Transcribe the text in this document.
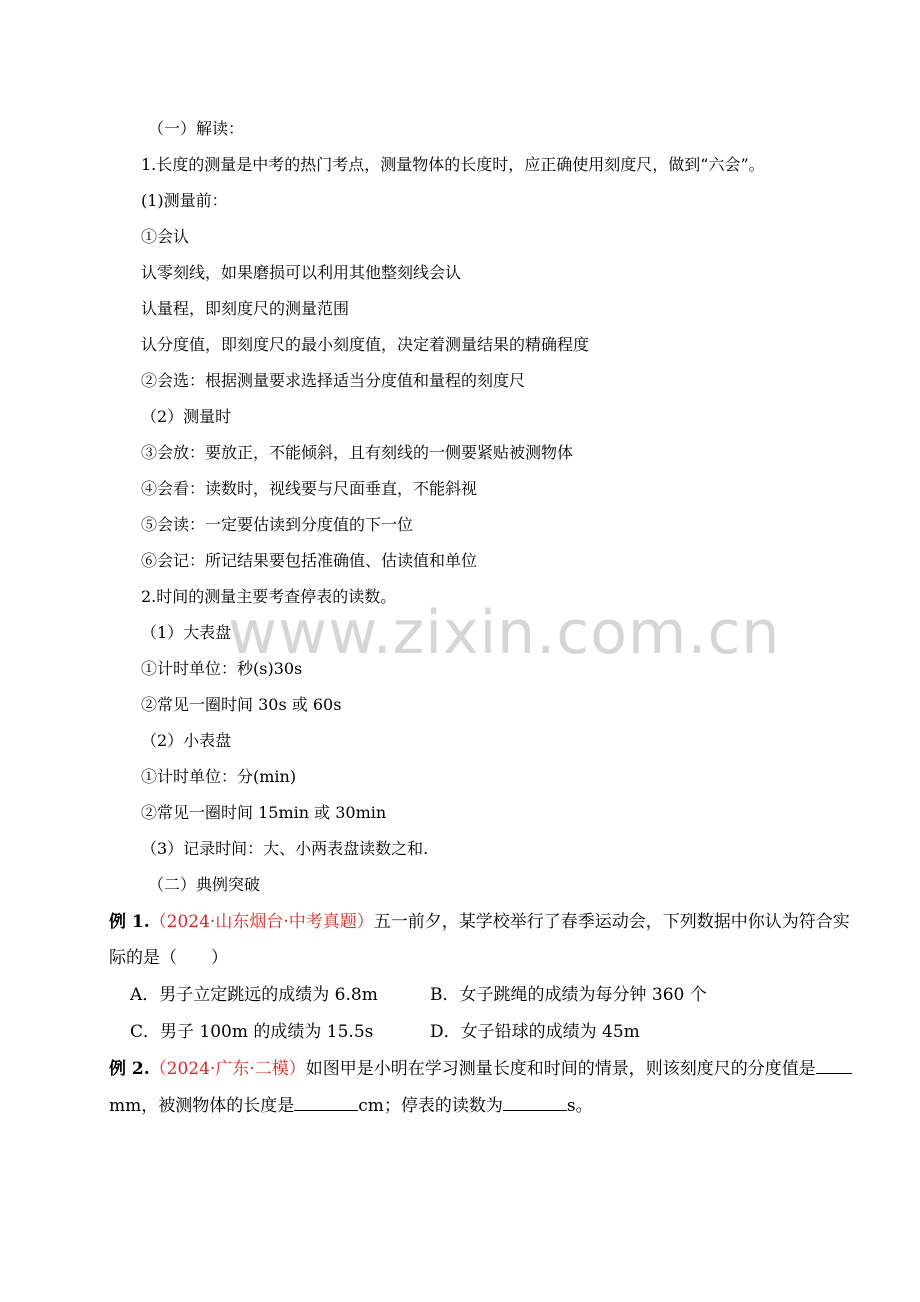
www.zixin.com.cn
（一）解读：
1.长度的测量是中考的热门考点，测量物体的长度时，应正确使用刻度尺，做到“六会”。
(1)测量前：
①会认
认零刻线，如果磨损可以利用其他整刻线会认
认量程，即刻度尺的测量范围
认分度值，即刻度尺的最小刻度值，决定着测量结果的精确程度
②会选：根据测量要求选择适当分度值和量程的刻度尺
（2）测量时
③会放：要放正，不能倾斜，且有刻线的一侧要紧贴被测物体
④会看：读数时，视线要与尺面垂直，不能斜视
⑤会读：一定要估读到分度值的下一位
⑥会记：所记结果要包括准确值、估读值和单位
2.时间的测量主要考查停表的读数。
（1）大表盘
①计时单位：秒(s)30s
②常见一圈时间 30s 或 60s
（2）小表盘
①计时单位：分(min)
②常见一圈时间 15min 或 30min
（3）记录时间：大、小两表盘读数之和.
（二）典例突破
例 1.（2024·山东烟台·中考真题）五一前夕，某学校举行了春季运动会，下列数据中你认为符合实
际的是（　　）
A．男子立定跳远的成绩为 6.8m	B．女子跳绳的成绩为每分钟 360 个
C．男子 100m 的成绩为 15.5s	D．女子铅球的成绩为 45m
例 2.（2024·广东·二模）如图甲是小明在学习测量长度和时间的情景，则该刻度尺的分度值是
mm，被测物体的长度是	cm；停表的读数为	s。
